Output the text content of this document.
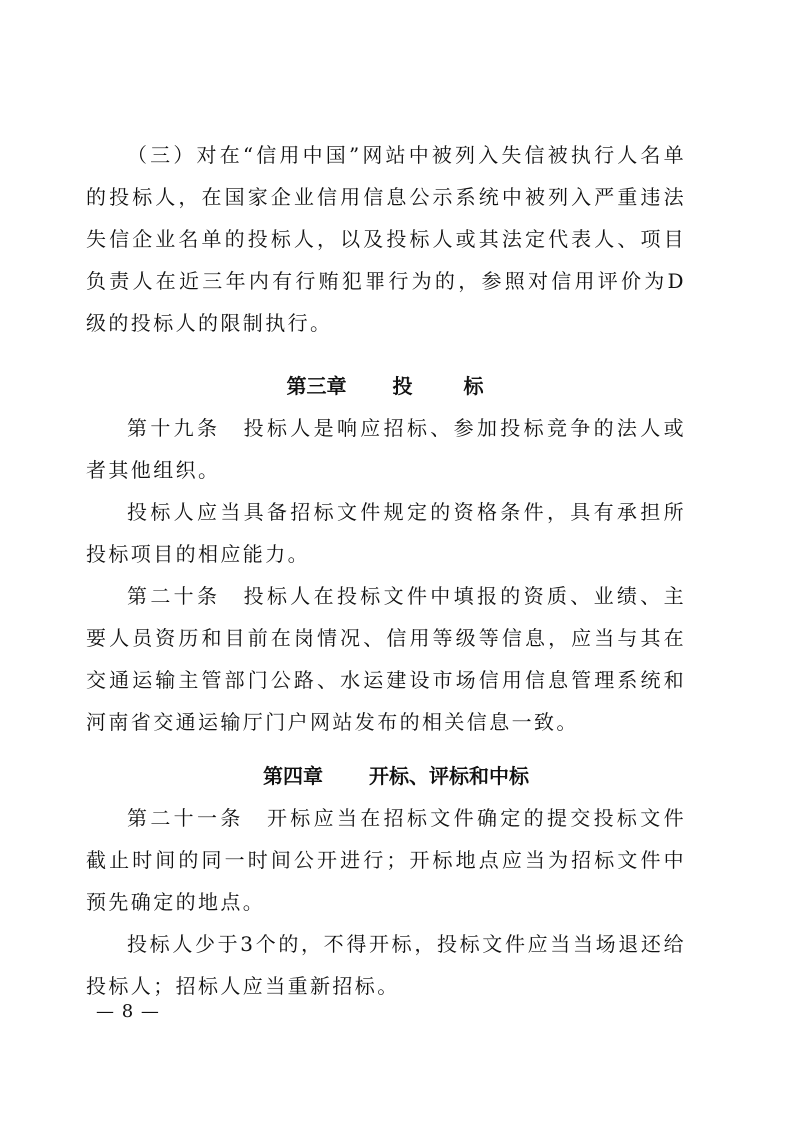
（三）对在“信用中国”网站中被列入失信被执行人名单的投标人，在国家企业信用信息公示系统中被列入严重违法失信企业名单的投标人，以及投标人或其法定代表人、项目负责人在近三年内有行贿犯罪行为的，参照对信用评价为D级的投标人的限制执行。

第三章 投 标

第十九条　投标人是响应招标、参加投标竞争的法人或者其他组织。

投标人应当具备招标文件规定的资格条件，具有承担所投标项目的相应能力。

第二十条　投标人在投标文件中填报的资质、业绩、主要人员资历和目前在岗情况、信用等级等信息，应当与其在交通运输主管部门公路、水运建设市场信用信息管理系统和河南省交通运输厅门户网站发布的相关信息一致。

第四章 开标、评标和中标

第二十一条　开标应当在招标文件确定的提交投标文件截止时间的同一时间公开进行；开标地点应当为招标文件中预先确定的地点。

投标人少于3个的，不得开标，投标文件应当当场退还给投标人；招标人应当重新招标。

— 8 —
